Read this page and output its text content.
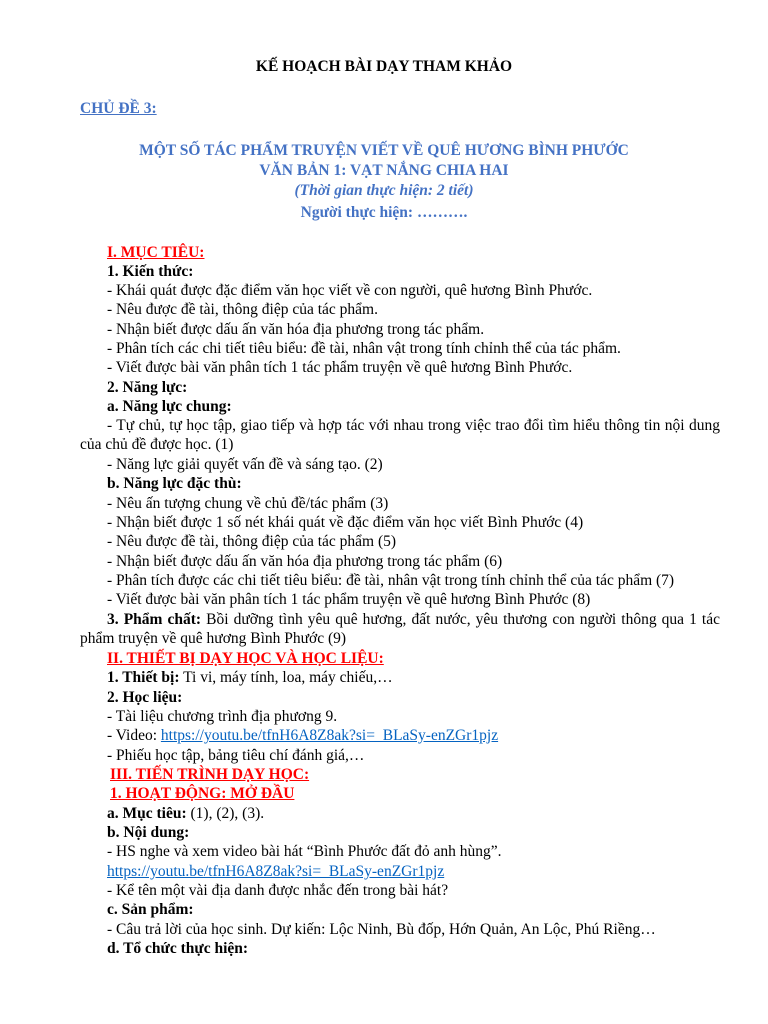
KẾ HOẠCH BÀI DẠY THAM KHẢO
CHỦ ĐỀ 3:
MỘT SỐ TÁC PHẨM TRUYỆN VIẾT VỀ QUÊ HƯƠNG BÌNH PHƯỚC
VĂN BẢN 1: VẠT NẮNG CHIA HAI
(Thời gian thực hiện: 2 tiết)
Người thực hiện: ……….
I. MỤC TIÊU:
1. Kiến thức:
- Khái quát được đặc điểm văn học viết về con người, quê hương Bình Phước.
- Nêu được đề tài, thông điệp của tác phẩm.
- Nhận biết được dấu ấn văn hóa địa phương trong tác phẩm.
- Phân tích các chi tiết tiêu biểu: đề tài, nhân vật trong tính chỉnh thể của tác phẩm.
- Viết được bài văn phân tích 1 tác phẩm truyện về quê hương Bình Phước.
2. Năng lực:
a. Năng lực chung:
- Tự chủ, tự học tập, giao tiếp và hợp tác với nhau trong việc trao đổi tìm hiểu thông tin nội dung của chủ đề được học. (1)
- Năng lực giải quyết vấn đề và sáng tạo. (2)
b. Năng lực đặc thù:
- Nêu ấn tượng chung về chủ đề/tác phẩm (3)
- Nhận biết được 1 số nét khái quát về đặc điểm văn học viết Bình Phước (4)
- Nêu được đề tài, thông điệp của tác phẩm (5)
- Nhận biết được dấu ấn văn hóa địa phương trong tác phẩm (6)
- Phân tích được các chi tiết tiêu biểu: đề tài, nhân vật trong tính chỉnh thể của tác phẩm (7)
- Viết được bài văn phân tích 1 tác phẩm truyện về quê hương Bình Phước (8)
3. Phẩm chất: Bồi dưỡng tình yêu quê hương, đất nước, yêu thương con người thông qua 1 tác phẩm truyện về quê hương Bình Phước (9)
II. THIẾT BỊ DẠY HỌC VÀ HỌC LIỆU:
1. Thiết bị: Ti vi, máy tính, loa, máy chiếu,…
2. Học liệu:
- Tài liệu chương trình địa phương 9.
- Video: https://youtu.be/tfnH6A8Z8ak?si=_BLaSy-enZGr1pjz
- Phiếu học tập, bảng tiêu chí đánh giá,…
III. TIẾN TRÌNH DẠY HỌC:
1. HOẠT ĐỘNG: MỞ ĐẦU
a. Mục tiêu: (1), (2), (3).
b. Nội dung:
- HS nghe và xem video bài hát “Bình Phước đất đỏ anh hùng”.
https://youtu.be/tfnH6A8Z8ak?si=_BLaSy-enZGr1pjz
- Kể tên một vài địa danh được nhắc đến trong bài hát?
c. Sản phẩm:
- Câu trả lời của học sinh. Dự kiến: Lộc Ninh, Bù đốp, Hớn Quản, An Lộc, Phú Riềng…
d. Tổ chức thực hiện:
